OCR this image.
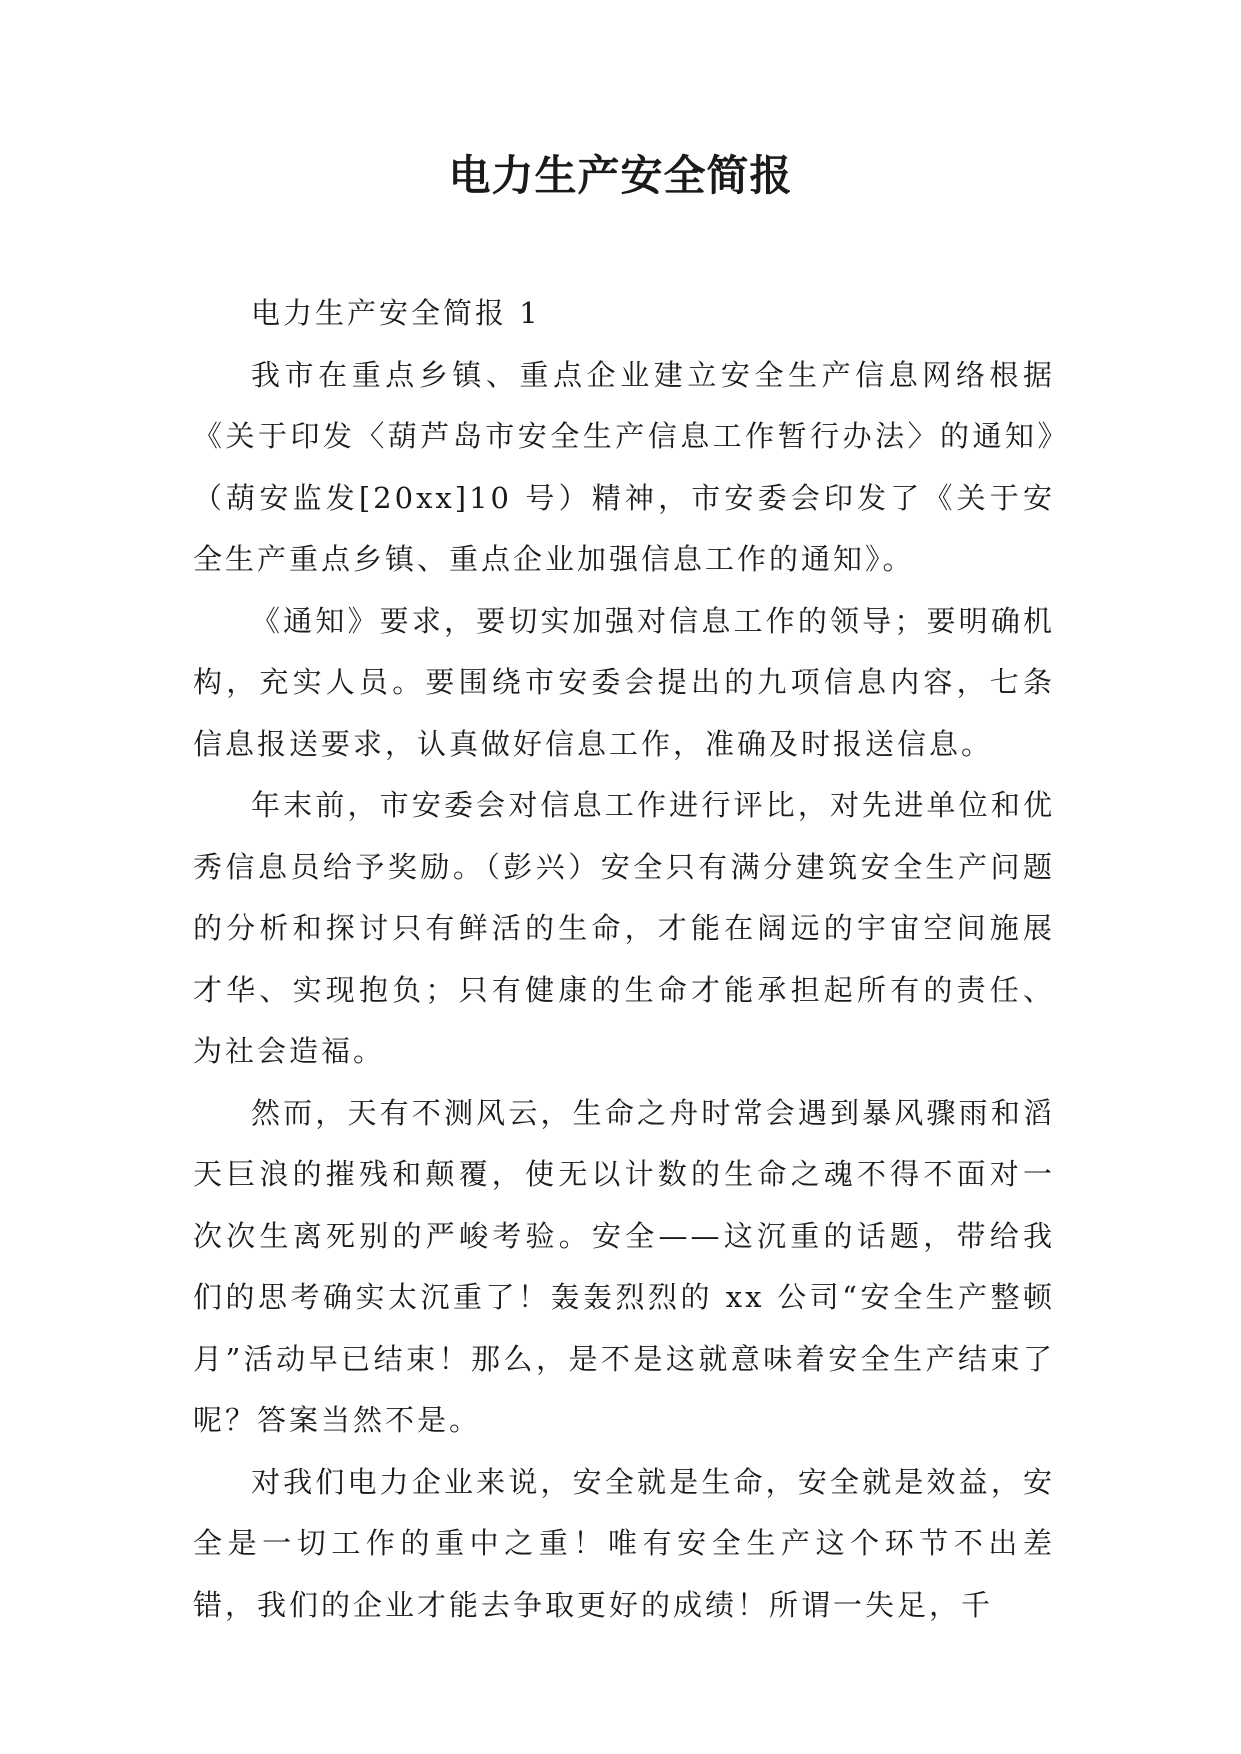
电力生产安全简报

电力生产安全简报 1

我市在重点乡镇、重点企业建立安全生产信息网络根据《关于印发〈葫芦岛市安全生产信息工作暂行办法〉的通知》（葫安监发[20xx]10 号）精神，市安委会印发了《关于安全生产重点乡镇、重点企业加强信息工作的通知》。

《通知》要求，要切实加强对信息工作的领导；要明确机构，充实人员。要围绕市安委会提出的九项信息内容，七条信息报送要求，认真做好信息工作，准确及时报送信息。

年末前，市安委会对信息工作进行评比，对先进单位和优秀信息员给予奖励。（彭兴）安全只有满分建筑安全生产问题的分析和探讨只有鲜活的生命，才能在阔远的宇宙空间施展才华、实现抱负；只有健康的生命才能承担起所有的责任、为社会造福。

然而，天有不测风云，生命之舟时常会遇到暴风骤雨和滔天巨浪的摧残和颠覆，使无以计数的生命之魂不得不面对一次次生离死别的严峻考验。安全——这沉重的话题，带给我们的思考确实太沉重了！轰轰烈烈的 xx 公司“安全生产整顿月”活动早已结束！那么，是不是这就意味着安全生产结束了呢？答案当然不是。

对我们电力企业来说，安全就是生命，安全就是效益，安全是一切工作的重中之重！唯有安全生产这个环节不出差错，我们的企业才能去争取更好的成绩！所谓一失足，千
